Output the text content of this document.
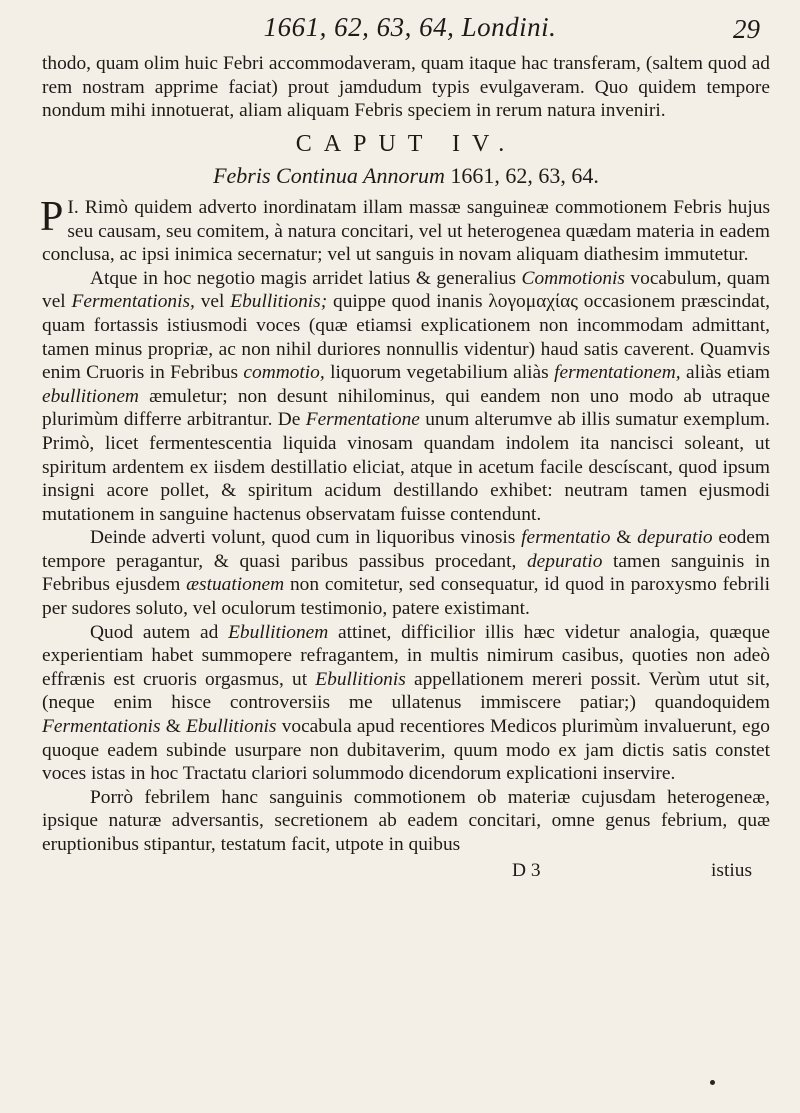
1661, 62, 63, 64, Londini.	29

thodo, quam olim huic Febri accommodaveram, quam itaque hac transferam, (saltem quod ad rem nostram apprime faciat) prout jamdudum typis evulgaveram. Quo quidem tempore nondum mihi innotuerat, aliam aliquam Febris speciem in rerum natura inveniri.

CAPUT IV.
Febris Continua Annorum 1661, 62, 63, 64.

I.
P Rimò quidem adverto inordinatam illam massæ sanguineæ commotionem Febris hujus seu causam, seu comitem, à natura concitari, vel ut heterogenea quædam materia in eadem conclusa, ac ipsi inimica secernatur; vel ut sanguis in novam aliquam diathesim immutetur.

Atque in hoc negotio magis arridet latius & generalius Commotionis vocabulum, quam vel Fermentationis, vel Ebullitionis; quippe quod inanis λογομαχίας occasionem præscindat, quam fortassis istiusmodi voces (quæ etiamsi explicationem non incommodam admittant, tamen minus propriæ, ac non nihil duriores nonnullis videntur) haud satis caverent. Quamvis enim Cruoris in Febribus commotio, liquorum vegetabilium aliàs fermentationem, aliàs etiam ebullitionem æmuletur; non desunt nihilominus, qui eandem non uno modo ab utraque plurimùm differre arbitrantur. De Fermentatione unum alterumve ab illis sumatur exemplum. Primò, licet fermentescentia liquida vinosam quandam indolem ita nancisci soleant, ut spiritum ardentem ex iisdem destillatio eliciat, atque in acetum facile descíscant, quod ipsum insigni acore pollet, & spiritum acidum destillando exhibet: neutram tamen ejusmodi mutationem in sanguine hactenus observatam fuisse contendunt.

Deinde adverti volunt, quod cum in liquoribus vinosis fermentatio & depuratio eodem tempore peragantur, & quasi paribus passibus procedant, depuratio tamen sanguinis in Febribus ejusdem æstuationem non comitetur, sed consequatur, id quod in paroxysmo febrili per sudores soluto, vel oculorum testimonio, patere existimant.

Quod autem ad Ebullitionem attinet, difficilior illis hæc videtur analogia, quæque experientiam habet summopere refragantem, in multis nimirum casibus, quoties non adeò effrænis est cruoris orgasmus, ut Ebullitionis appellationem mereri possit. Verùm utut sit, (neque enim hisce controversiis me ullatenus immiscere patiar;) quandoquidem Fermentationis & Ebullitionis vocabula apud recentiores Medicos plurimùm invaluerunt, ego quoque eadem subinde usurpare non dubitaverim, quum modo ex jam dictis satis constet voces istas in hoc Tractatu clariori solummodo dicendorum explicationi inservire.

Porrò febrilem hanc sanguinis commotionem ob materiæ cujusdam heterogeneæ, ipsique naturæ adversantis, secretionem ab eadem concitari, omne genus febrium, quæ eruptionibus stipantur, testatum facit, utpote in quibus

D 3	istius
